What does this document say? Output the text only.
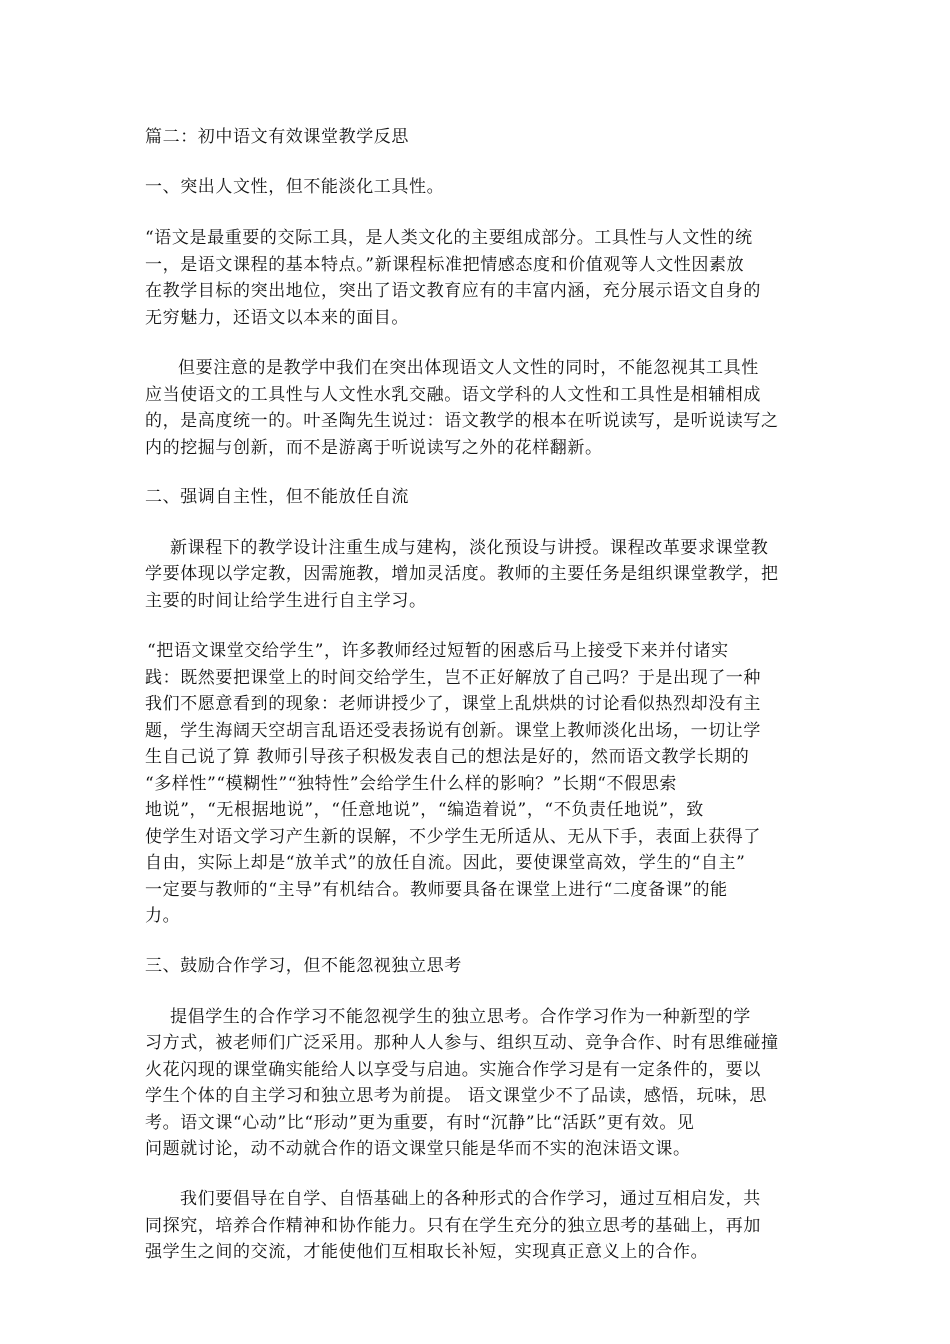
篇二：初中语文有效课堂教学反思
一、突出人文性，但不能淡化工具性。
“语文是最重要的交际工具，是人类文化的主要组成部分。工具性与人文性的统
一，是语文课程的基本特点。”新课程标准把情感态度和价值观等人文性因素放
在教学目标的突出地位，突出了语文教育应有的丰富内涵，充分展示语文自身的
无穷魅力，还语文以本来的面目。
但要注意的是教学中我们在突出体现语文人文性的同时，不能忽视其工具性
应当使语文的工具性与人文性水乳交融。语文学科的人文性和工具性是相辅相成
的，是高度统一的。叶圣陶先生说过：语文教学的根本在听说读写，是听说读写之
内的挖掘与创新，而不是游离于听说读写之外的花样翻新。
二、强调自主性，但不能放任自流
新课程下的教学设计注重生成与建构，淡化预设与讲授。课程改革要求课堂教
学要体现以学定教，因需施教，增加灵活度。教师的主要任务是组织课堂教学，把
主要的时间让给学生进行自主学习。
“把语文课堂交给学生”，许多教师经过短暂的困惑后马上接受下来并付诸实
践：既然要把课堂上的时间交给学生，岂不正好解放了自己吗？于是出现了一种
我们不愿意看到的现象：老师讲授少了，课堂上乱烘烘的讨论看似热烈却没有主
题，学生海阔天空胡言乱语还受表扬说有创新。课堂上教师淡化出场，一切让学
生自己说了算 教师引导孩子积极发表自己的想法是好的，然而语文教学长期的
“多样性”“模糊性”“独特性”会给学生什么样的影响？”长期“不假思索
地说”，“无根据地说”，“任意地说”，“编造着说”，“不负责任地说”，致
使学生对语文学习产生新的误解，不少学生无所适从、无从下手，表面上获得了
自由，实际上却是“放羊式”的放任自流。因此，要使课堂高效，学生的“自主”
一定要与教师的“主导”有机结合。教师要具备在课堂上进行“二度备课”的能
力。
三、鼓励合作学习，但不能忽视独立思考
提倡学生的合作学习不能忽视学生的独立思考。合作学习作为一种新型的学
习方式，被老师们广泛采用。那种人人参与、组织互动、竞争合作、时有思维碰撞
火花闪现的课堂确实能给人以享受与启迪。实施合作学习是有一定条件的，要以
学生个体的自主学习和独立思考为前提。 语文课堂少不了品读，感悟，玩味，思
考。语文课“心动”比“形动”更为重要，有时“沉静”比“活跃”更有效。见
问题就讨论，动不动就合作的语文课堂只能是华而不实的泡沫语文课。
我们要倡导在自学、自悟基础上的各种形式的合作学习，通过互相启发，共
同探究，培养合作精神和协作能力。只有在学生充分的独立思考的基础上，再加
强学生之间的交流，才能使他们互相取长补短，实现真正意义上的合作。
